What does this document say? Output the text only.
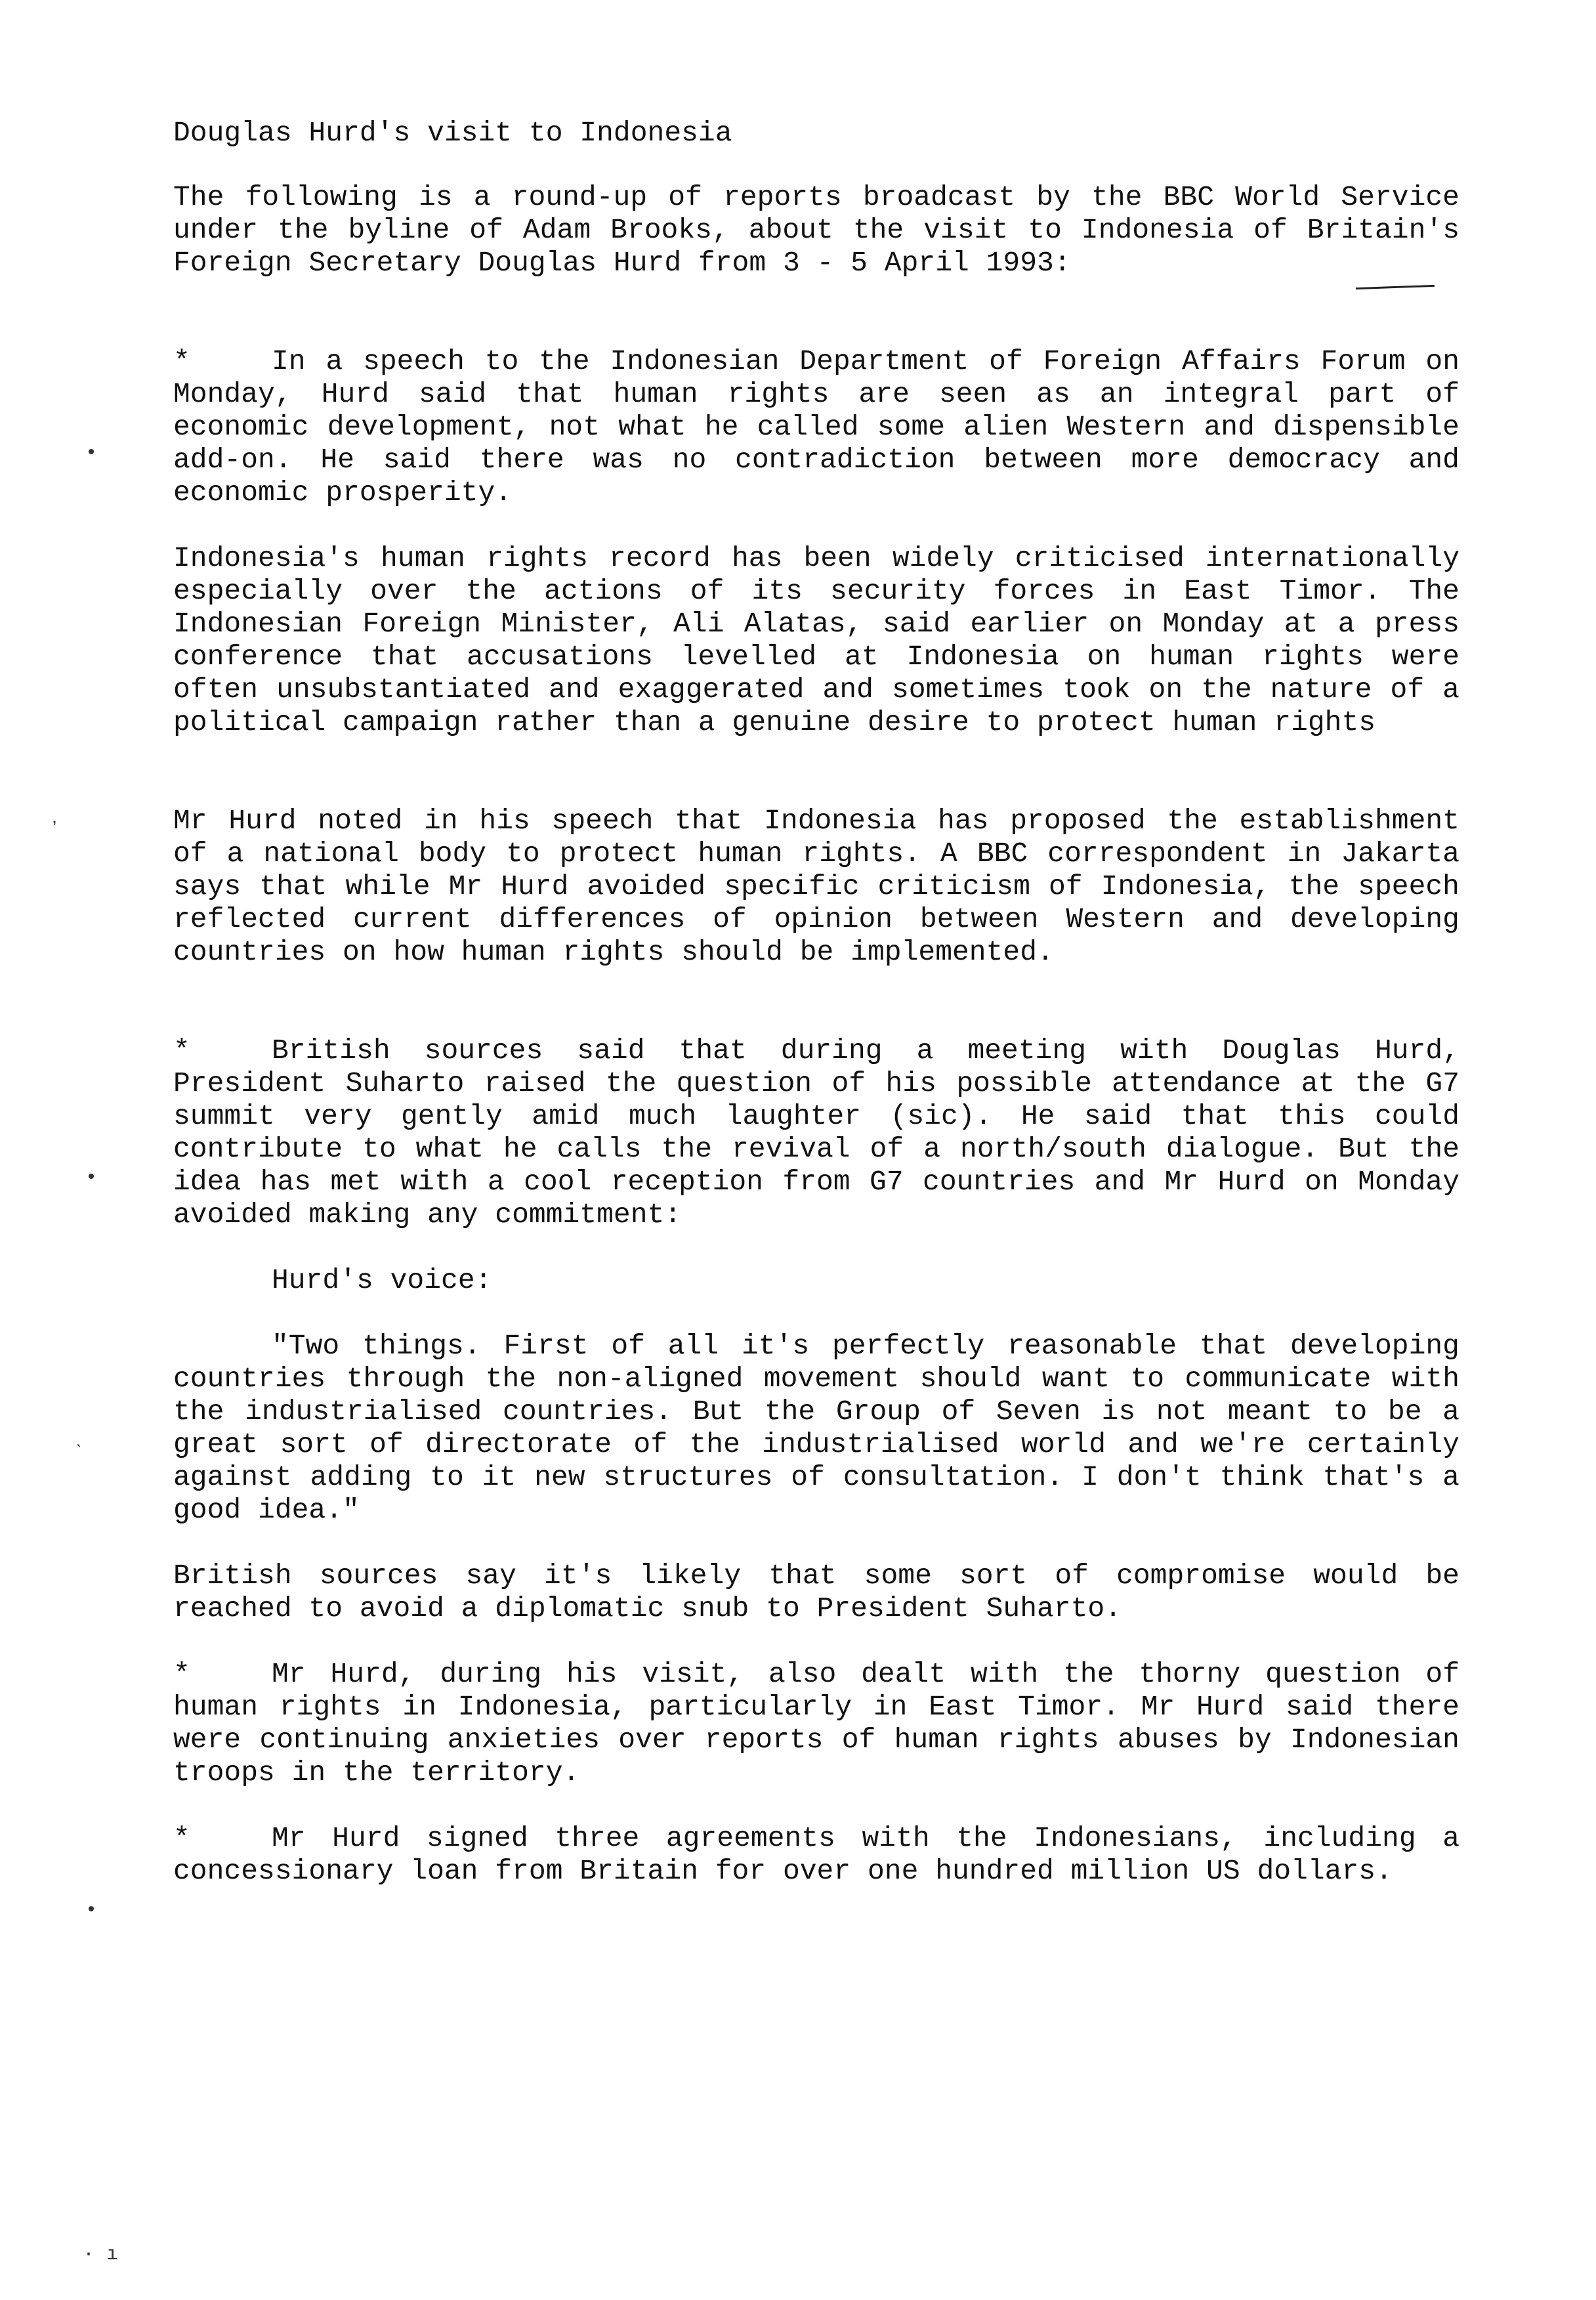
Douglas Hurd's visit to Indonesia

The following is a round-up of reports broadcast by the BBC World Service under the byline of Adam Brooks, about the visit to Indonesia of Britain's Foreign Secretary Douglas Hurd from 3 - 5 April 1993:

*	In a speech to the Indonesian Department of Foreign Affairs Forum on Monday, Hurd said that human rights are seen as an integral part of economic development, not what he called some alien Western and dispensible add-on. He said there was no contradiction between more democracy and economic prosperity.

Indonesia's human rights record has been widely criticised internationally especially over the actions of its security forces in East Timor. The Indonesian Foreign Minister, Ali Alatas, said earlier on Monday at a press conference that accusations levelled at Indonesia on human rights were often unsubstantiated and exaggerated and sometimes took on the nature of a political campaign rather than a genuine desire to protect human rights

Mr Hurd noted in his speech that Indonesia has proposed the establishment of a national body to protect human rights. A BBC correspondent in Jakarta says that while Mr Hurd avoided specific criticism of Indonesia, the speech reflected current differences of opinion between Western and developing countries on how human rights should be implemented.

*	British sources said that during a meeting with Douglas Hurd, President Suharto raised the question of his possible attendance at the G7 summit very gently amid much laughter (sic). He said that this could contribute to what he calls the revival of a north/south dialogue. But the idea has met with a cool reception from G7 countries and Mr Hurd on Monday avoided making any commitment:

Hurd's voice:

"Two things. First of all it's perfectly reasonable that developing countries through the non-aligned movement should want to communicate with the industrialised countries. But the Group of Seven is not meant to be a great sort of directorate of the industrialised world and we're certainly against adding to it new structures of consultation. I don't think that's a good idea."

British sources say it's likely that some sort of compromise would be reached to avoid a diplomatic snub to President Suharto.

*	Mr Hurd, during his visit, also dealt with the thorny question of human rights in Indonesia, particularly in East Timor. Mr Hurd said there were continuing anxieties over reports of human rights abuses by Indonesian troops in the territory.

*	Mr Hurd signed three agreements with the Indonesians, including a concessionary loan from Britain for over one hundred million US dollars.

•
ʼ
•
ˋ
•
· ı
